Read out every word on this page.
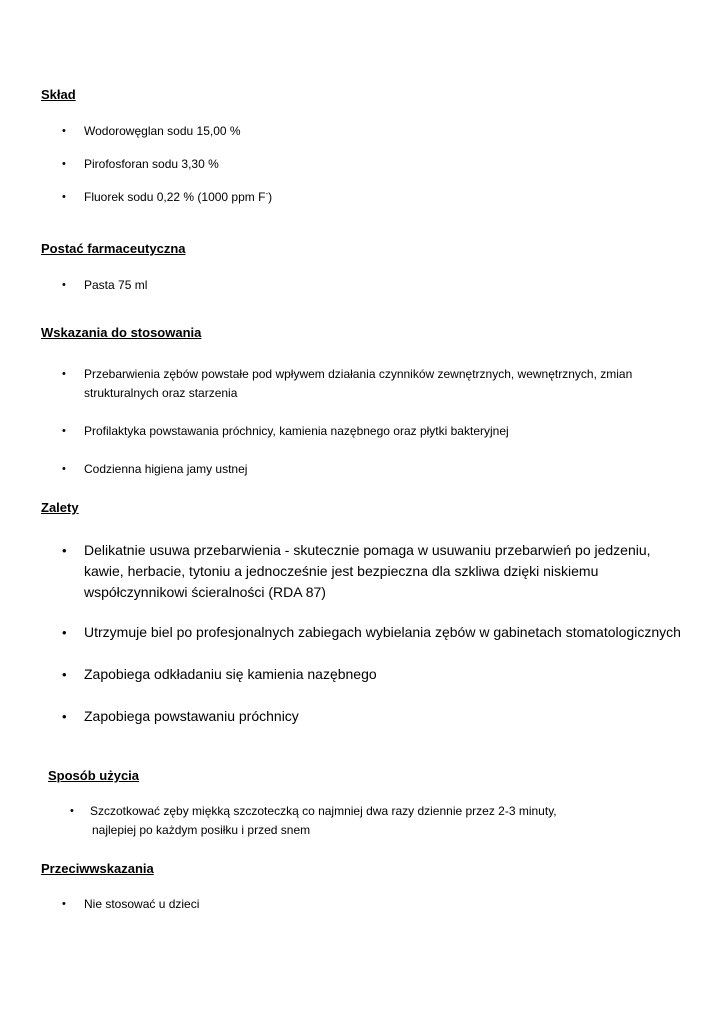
Skład
•	Wodorowęglan sodu 15,00 %
•	Pirofosforan sodu 3,30 %
•	Fluorek sodu 0,22 % (1000 ppm F-)
Postać farmaceutyczna
•	Pasta 75 ml
Wskazania do stosowania
•	Przebarwienia zębów powstałe pod wpływem działania czynników zewnętrznych, wewnętrznych, zmian strukturalnych oraz starzenia
•	Profilaktyka powstawania próchnicy, kamienia nazębnego oraz płytki bakteryjnej
•	Codzienna higiena jamy ustnej
Zalety
•	Delikatnie usuwa przebarwienia - skutecznie pomaga w usuwaniu przebarwień po jedzeniu, kawie, herbacie, tytoniu a jednocześnie jest bezpieczna dla szkliwa dzięki niskiemu współczynnikowi ścieralności (RDA 87)
•	Utrzymuje biel po profesjonalnych zabiegach wybielania zębów w gabinetach stomatologicznych
•	Zapobiega odkładaniu się kamienia nazębnego
•	Zapobiega powstawaniu próchnicy
Sposób użycia
•	Szczotkować zęby miękką szczoteczką co najmniej dwa razy dziennie przez 2-3 minuty,
najlepiej po każdym posiłku i przed snem
Przeciwwskazania
•	Nie stosować u dzieci
